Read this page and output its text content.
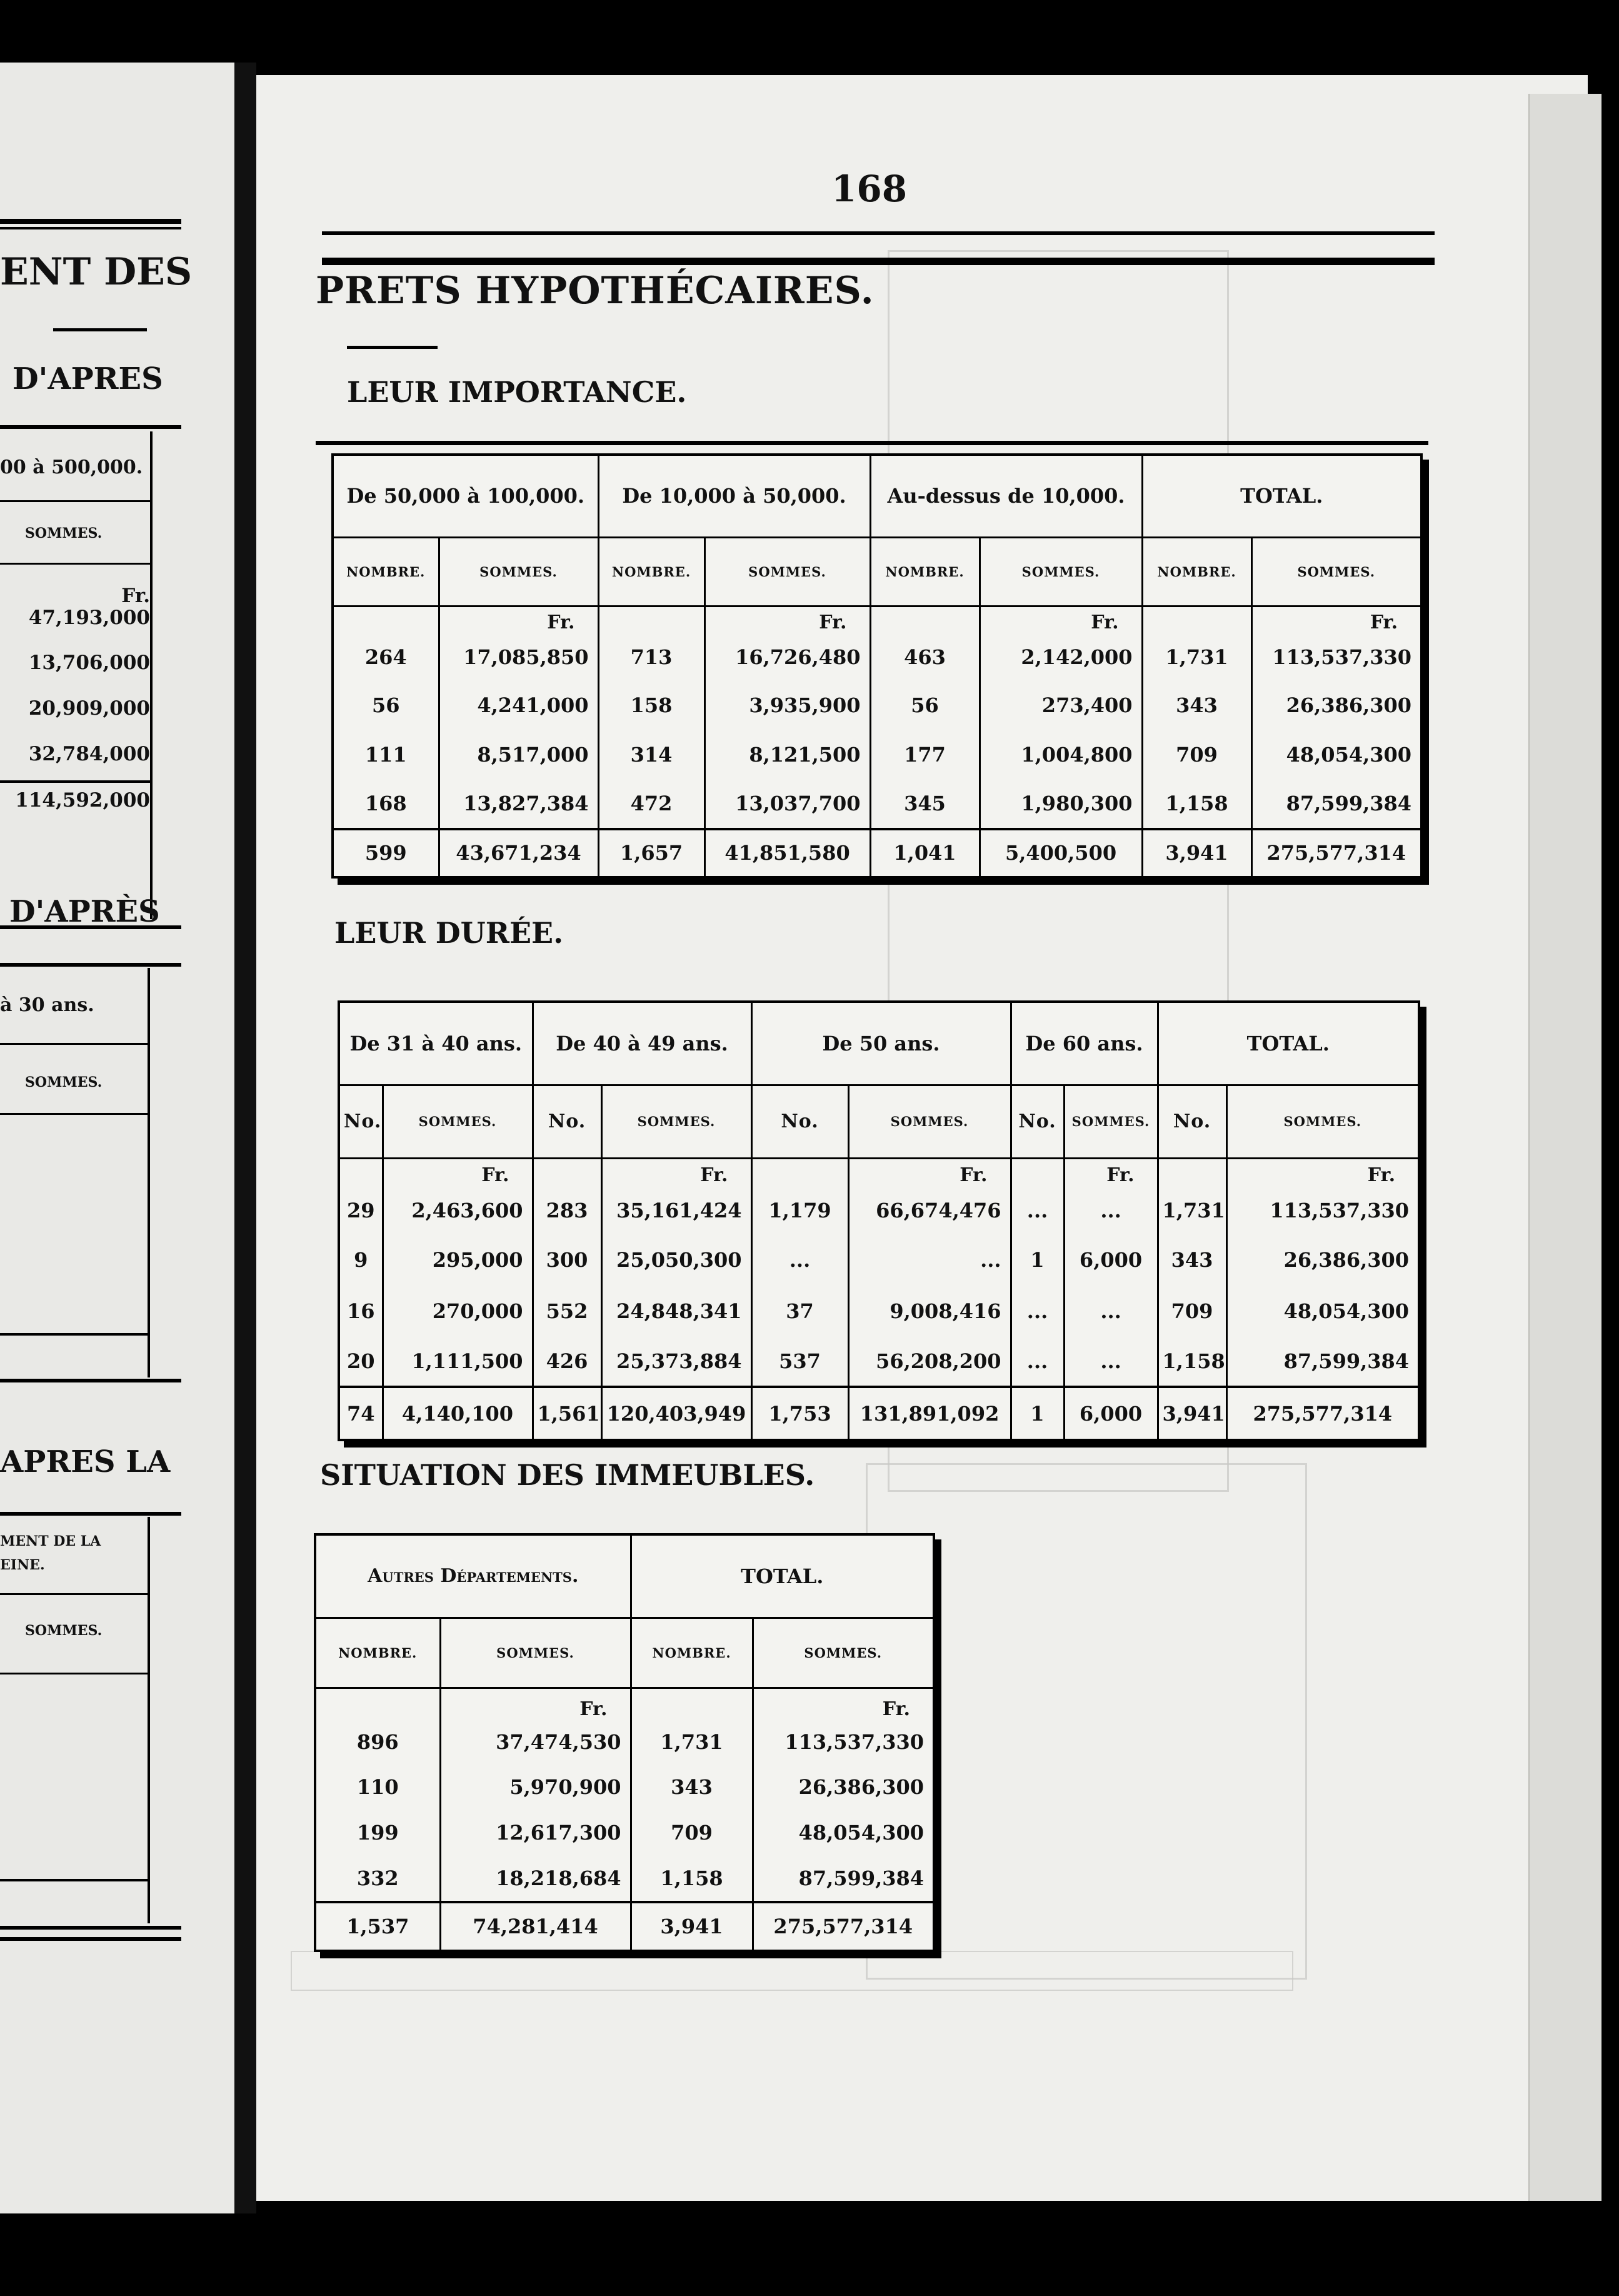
ENT DES
D'APRES
00 à 500,000.
SOMMES.
Fr.
47,193,000
13,706,000
20,909,000
32,784,000
114,592,000
D'APRÈS
à 30 ans.
SOMMES.
APRES LA
MENT DE LA
EINE.
SOMMES.
168
PRETS HYPOTHÉCAIRES.
LEUR IMPORTANCE.
De 50,000 à 100,000.		De 10,000 à 50,000.		Au-dessus de 10,000.		TOTAL.	
NOMBRE.	SOMMES.	NOMBRE.	SOMMES.	NOMBRE.	SOMMES.	NOMBRE.	SOMMES.

	Fr.		Fr.		Fr.		Fr.

264	17,085,850	713	16,726,480	463	2,142,000	1,731	113,537,330
56	4,241,000	158	3,935,900	56	273,400	343	26,386,300
111	8,517,000	314	8,121,500	177	1,004,800	709	48,054,300
168	13,827,384	472	13,037,700	345	1,980,300	1,158	87,599,384
599	43,671,234	1,657	41,851,580	1,041	5,400,500	3,941	275,577,314
LEUR DURÉE.
De 31 à 40 ans.		De 40 à 49 ans.		De 50 ans.		De 60 ans.		TOTAL.	
No.	SOMMES.	No.	SOMMES.	No.	SOMMES.	No.	SOMMES.	No.	SOMMES.

	Fr.		Fr.		Fr.		Fr.		Fr.

29	2,463,600	283	35,161,424	1,179	66,674,476	...	...	1,731	113,537,330
9	295,000	300	25,050,300	...	...	1	6,000	343	26,386,300
16	270,000	552	24,848,341	37	9,008,416	...	...	709	48,054,300
20	1,111,500	426	25,373,884	537	56,208,200	...	...	1,158	87,599,384
74	4,140,100	1,561	120,403,949	1,753	131,891,092	1	6,000	3,941	275,577,314
SITUATION DES IMMEUBLES.
Autres Départements.		TOTAL.	
NOMBRE.	SOMMES.	NOMBRE.	SOMMES.

	Fr.		Fr.

896	37,474,530	1,731	113,537,330
110	5,970,900	343	26,386,300
199	12,617,300	709	48,054,300
332	18,218,684	1,158	87,599,384
1,537	74,281,414	3,941	275,577,314
